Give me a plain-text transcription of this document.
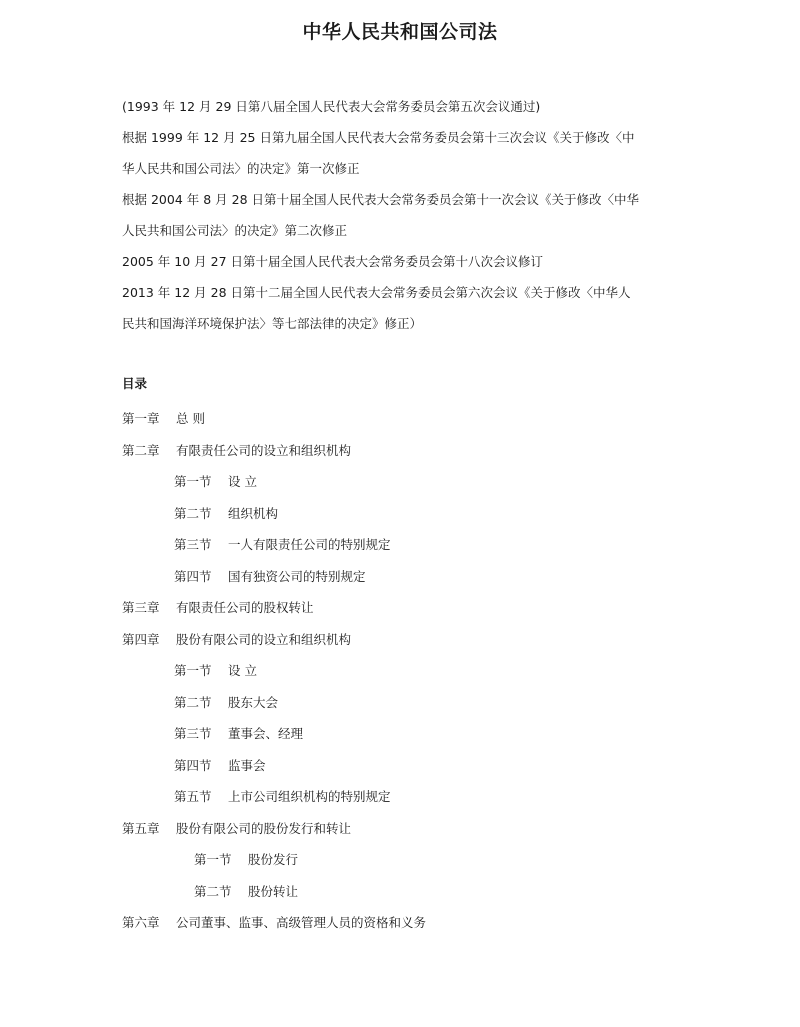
中华人民共和国公司法

(1993 年 12 月 29 日第八届全国人民代表大会常务委员会第五次会议通过)

根据 1999 年 12 月 25 日第九届全国人民代表大会常务委员会第十三次会议《关于修改〈中

华人民共和国公司法〉的决定》第一次修正

根据 2004 年 8 月 28 日第十届全国人民代表大会常务委员会第十一次会议《关于修改〈中华

人民共和国公司法〉的决定》第二次修正

2005 年 10 月 27 日第十届全国人民代表大会常务委员会第十八次会议修订

2013 年 12 月 28 日第十二届全国人民代表大会常务委员会第六次会议《关于修改〈中华人

民共和国海洋环境保护法〉等七部法律的决定》修正）

目录
第一章 总 则
第二章 有限责任公司的设立和组织机构
第一节 设 立
第二节 组织机构
第三节 一人有限责任公司的特别规定
第四节 国有独资公司的特别规定
第三章 有限责任公司的股权转让
第四章 股份有限公司的设立和组织机构
第一节 设 立
第二节 股东大会
第三节 董事会、经理
第四节 监事会
第五节 上市公司组织机构的特别规定
第五章 股份有限公司的股份发行和转让
第一节 股份发行
第二节 股份转让
第六章 公司董事、监事、高级管理人员的资格和义务
